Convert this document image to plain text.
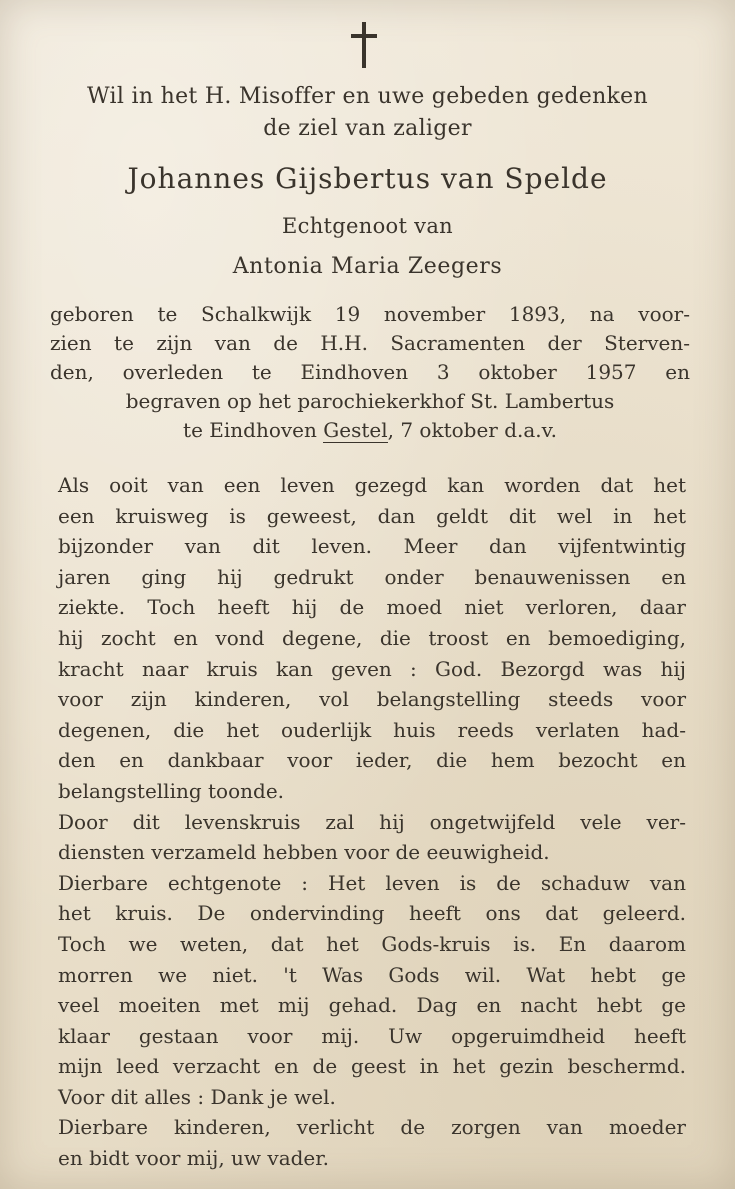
Wil in het H. Misoffer en uwe gebeden gedenken
de ziel van zaliger
Johannes Gijsbertus van Spelde
Echtgenoot van
Antonia Maria Zeegers
geboren te Schalkwijk 19 november 1893, na voor-
zien te zijn van de H.H. Sacramenten der Sterven-
den, overleden te Eindhoven 3 oktober 1957 en
begraven op het parochiekerkhof St. Lambertus
te Eindhoven Gestel, 7 oktober d.a.v.
Als ooit van een leven gezegd kan worden dat het
een kruisweg is geweest, dan geldt dit wel in het
bijzonder van dit leven. Meer dan vijfentwintig
jaren ging hij gedrukt onder benauwenissen en
ziekte. Toch heeft hij de moed niet verloren, daar
hij zocht en vond degene, die troost en bemoediging,
kracht naar kruis kan geven : God. Bezorgd was hij
voor zijn kinderen, vol belangstelling steeds voor
degenen, die het ouderlijk huis reeds verlaten had-
den en dankbaar voor ieder, die hem bezocht en
belangstelling toonde.
Door dit levenskruis zal hij ongetwijfeld vele ver-
diensten verzameld hebben voor de eeuwigheid.
Dierbare echtgenote : Het leven is de schaduw van
het kruis. De ondervinding heeft ons dat geleerd.
Toch we weten, dat het Gods-kruis is. En daarom
morren we niet. 't Was Gods wil. Wat hebt ge
veel moeiten met mij gehad. Dag en nacht hebt ge
klaar gestaan voor mij. Uw opgeruimdheid heeft
mijn leed verzacht en de geest in het gezin beschermd.
Voor dit alles : Dank je wel.
Dierbare kinderen, verlicht de zorgen van moeder
en bidt voor mij, uw vader.
